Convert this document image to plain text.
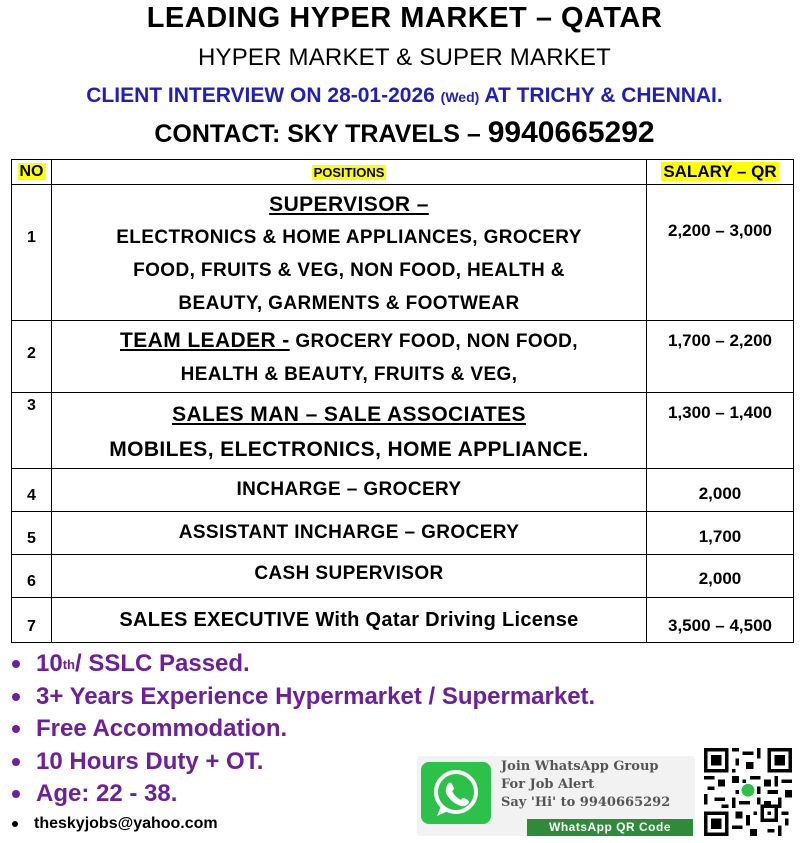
LEADING HYPER MARKET – QATAR
HYPER MARKET & SUPER MARKET
CLIENT INTERVIEW ON 28-01-2026 (Wed) AT TRICHY & CHENNAI.
CONTACT: SKY TRAVELS – 9940665292
NO	POSITIONS	SALARY – QR

1	SUPERVISOR –
ELECTRONICS & HOME APPLIANCES, GROCERY
FOOD, FRUITS & VEG, NON FOOD, HEALTH &
BEAUTY, GARMENTS & FOOTWEAR	2,200 – 3,000

2	TEAM LEADER - GROCERY FOOD, NON FOOD,
HEALTH & BEAUTY, FRUITS & VEG,	1,700 – 2,200

3	SALES MAN – SALE ASSOCIATES
MOBILES, ELECTRONICS, HOME APPLIANCE.	1,300 – 1,400

4	INCHARGE – GROCERY	2,000

5	ASSISTANT INCHARGE – GROCERY	1,700

6	CASH SUPERVISOR	2,000

7	SALES EXECUTIVE With Qatar Driving License	3,500 – 4,500
10 th / SSLC Passed.
3+ Years Experience Hypermarket / Supermarket.
Free Accommodation.
10 Hours Duty + OT.
Age: 22 - 38.
theskyjobs@yahoo.com
Join WhatsApp Group
For Job Alert
Say 'Hi' to 9940665292
WhatsApp QR Code
